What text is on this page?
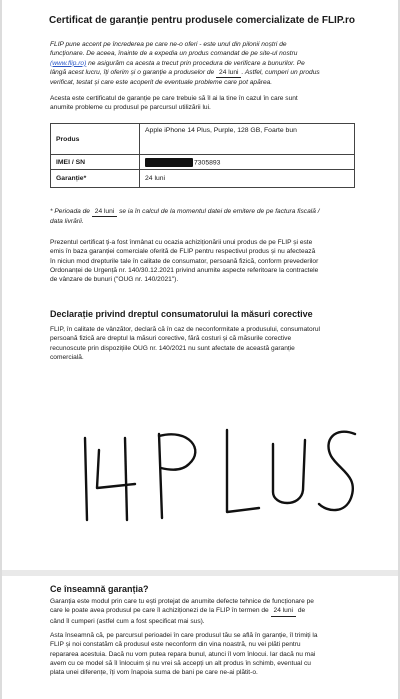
Certificat de garanție pentru produsele comercializate de FLIP.ro
FLIP pune accent pe încrederea pe care ne-o oferi - este unul din pilonii noștri de
funcționare. De aceea, înainte de a expedia un produs comandat de pe site-ul nostru
(www.flip.ro) ne asigurăm ca acesta a trecut prin procedura de verificare a bunurilor. Pe
lângă acest lucru, îți oferim și o garanție a produselor de 24 luni . Astfel, cumperi un produs
verificat, testat și care este acoperit de eventuale probleme care pot apărea.
Acesta este certificatul de garanție pe care trebuie să îl ai la tine în cazul în care sunt
anumite probleme cu produsul pe parcursul utilizării lui.
Produs	Apple iPhone 14 Plus, Purple, 128 GB, Foarte bun
IMEI / SN	7305893
Garanție*	24 luni
* Perioada de 24 luni se ia în calcul de la momentul datei de emitere de pe factura fiscală /
data livrării.
Prezentul certificat ți-a fost înmânat cu ocazia achiziționării unui produs de pe FLIP și este
emis în baza garanției comerciale oferită de FLIP pentru respectivul produs și nu afectează
în niciun mod drepturile tale în calitate de consumator, persoană fizică, conform prevederilor
Ordonanței de Urgență nr. 140/30.12.2021 privind anumite aspecte referitoare la contractele
de vânzare de bunuri ("OUG nr. 140/2021").
Declarație privind dreptul consumatorului la măsuri corective
FLIP, în calitate de vânzător, declară că în caz de neconformitate a produsului, consumatorul
persoană fizică are dreptul la măsuri corective, fără costuri și că măsurile corective
recunoscute prin dispozițiile OUG nr. 140/2021 nu sunt afectate de această garanție
comercială.
Ce înseamnă garanția?
Garanția este modul prin care tu ești protejat de anumite defecte tehnice de funcționare pe
care le poate avea produsul pe care îl achiziționezi de la FLIP în termen de 24 luni de
când îl cumperi (astfel cum a fost specificat mai sus).
Asta înseamnă că, pe parcursul perioadei în care produsul tău se află în garanție, îl trimiți la
FLIP și noi constatăm că produsul este neconform din vina noastră, nu vei plăti pentru
repararea acestuia. Dacă nu vom putea repara bunul, atunci îl vom înlocui. Iar dacă nu mai
avem cu ce model să îl înlocuim și nu vrei să accepți un alt produs în schimb, eventual cu
plata unei diferențe, îți vom înapoia suma de bani pe care ne-ai plătit-o.
